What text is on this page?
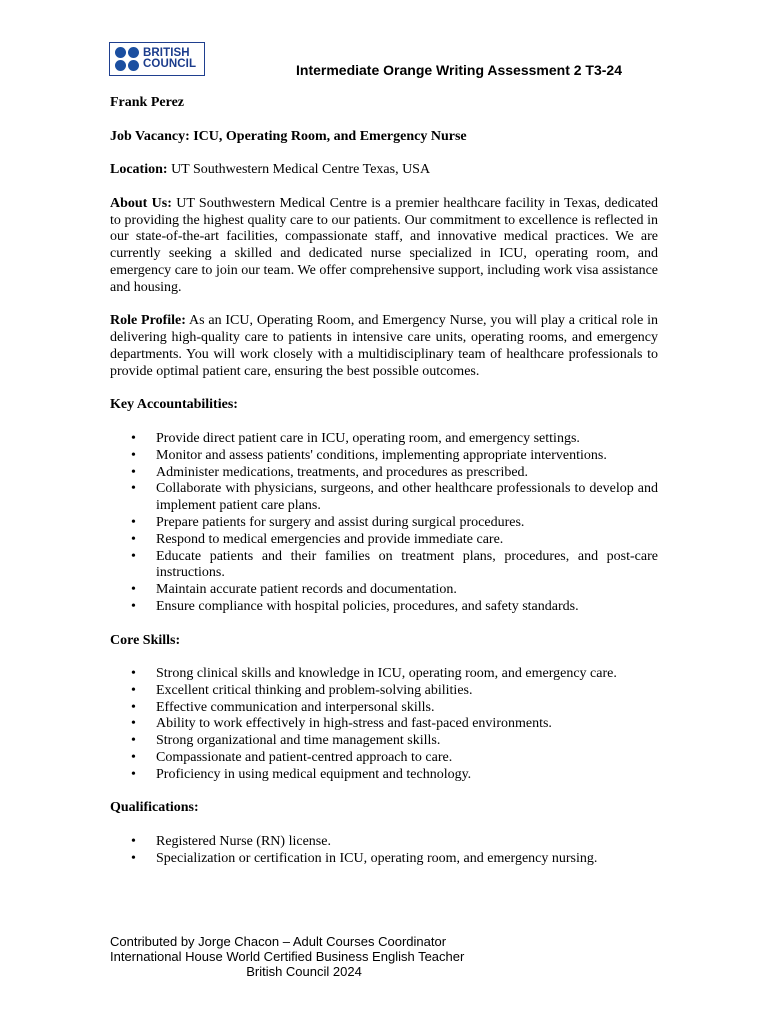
BRITISH
COUNCIL	Intermediate Orange Writing Assessment 2 T3-24

Frank Perez

Job Vacancy: ICU, Operating Room, and Emergency Nurse

Location: UT Southwestern Medical Centre Texas, USA

About Us: UT Southwestern Medical Centre is a premier healthcare facility in Texas, dedicated to providing the highest quality care to our patients. Our commitment to excellence is reflected in our state-of-the-art facilities, compassionate staff, and innovative medical practices. We are currently seeking a skilled and dedicated nurse specialized in ICU, operating room, and emergency care to join our team. We offer comprehensive support, including work visa assistance and housing.

Role Profile: As an ICU, Operating Room, and Emergency Nurse, you will play a critical role in delivering high-quality care to patients in intensive care units, operating rooms, and emergency departments. You will work closely with a multidisciplinary team of healthcare professionals to provide optimal patient care, ensuring the best possible outcomes.

Key Accountabilities:

• Provide direct patient care in ICU, operating room, and emergency settings.
• Monitor and assess patients' conditions, implementing appropriate interventions.
• Administer medications, treatments, and procedures as prescribed.
• Collaborate with physicians, surgeons, and other healthcare professionals to develop and implement patient care plans.
• Prepare patients for surgery and assist during surgical procedures.
• Respond to medical emergencies and provide immediate care.
• Educate patients and their families on treatment plans, procedures, and post-care instructions.
• Maintain accurate patient records and documentation.
• Ensure compliance with hospital policies, procedures, and safety standards.

Core Skills:

• Strong clinical skills and knowledge in ICU, operating room, and emergency care.
• Excellent critical thinking and problem-solving abilities.
• Effective communication and interpersonal skills.
• Ability to work effectively in high-stress and fast-paced environments.
• Strong organizational and time management skills.
• Compassionate and patient-centred approach to care.
• Proficiency in using medical equipment and technology.

Qualifications:

• Registered Nurse (RN) license.
• Specialization or certification in ICU, operating room, and emergency nursing.
Contributed by Jorge Chacon – Adult Courses Coordinator
International House World Certified Business English Teacher
British Council 2024
